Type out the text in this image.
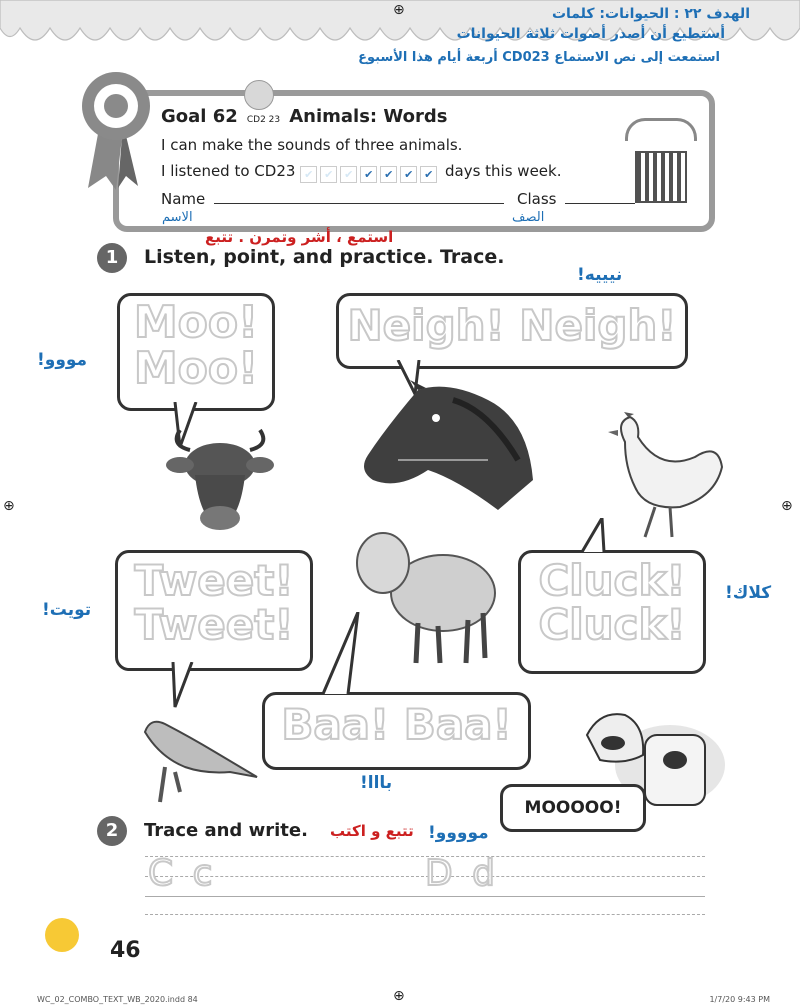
⊕	الهدف ٢٢ : الحيوانات: كلمات
أستطيع أن أصدر أصوات ثلاثة الحيوانات
استمعت إلى نص الاستماع CD023 أربعة أيام هذا الأسبوع
Goal 62 CD2 23 Animals: Words
I can make the sounds of three animals.
I listened to CD23 ✔ ✔ ✔ ✔ ✔ ✔ ✔ days this week.
Name	Class
الاسم	الصف
استمع ، أشر وتمرن . تتبع
1	Listen, point, and practice. Trace.
Moo!
Moo!
مووو!
Neigh! Neigh!
نيييه!
Tweet!
Tweet!
تويت!
Cluck!
Cluck!
كلاك!
Baa! Baa!
بااا!
MOOOOO!
موووو!
2	Trace and write. تتبع و اكتب
C c	D d
46
WC_02_COMBO_TEXT_WB_2020.indd 84	1/7/20 9:43 PM
⊕
⊕	⊕
